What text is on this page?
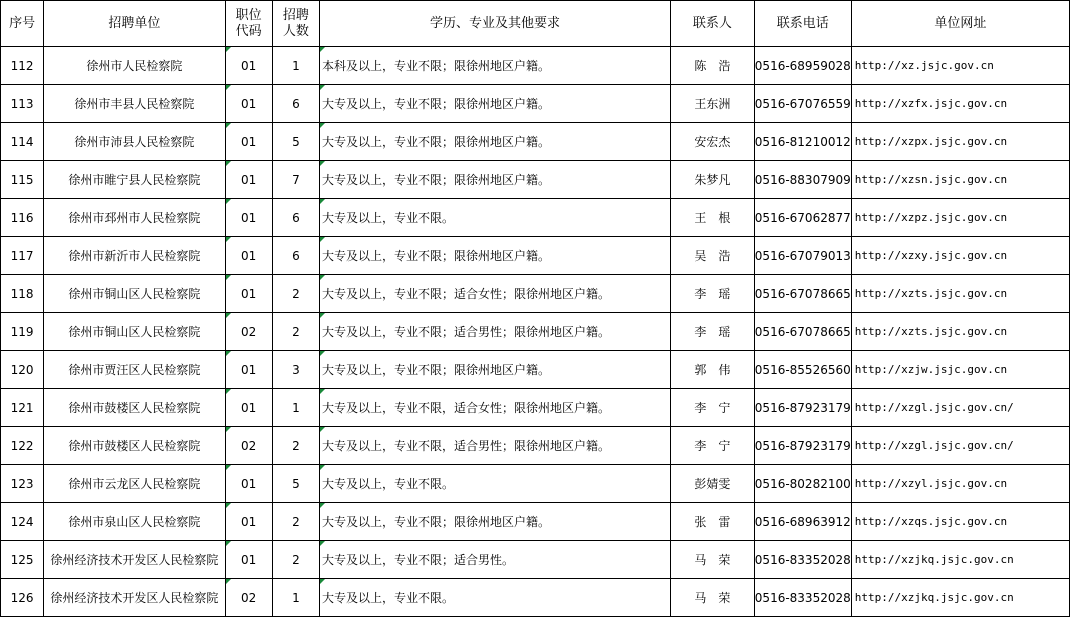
序号	招聘单位	职位代码	招聘人数	学历、专业及其他要求	联系人	联系电话	单位网址
112	徐州市人民检察院	01	1	本科及以上，专业不限；限徐州地区户籍。	陈　浩	0516-68959028	http://xz.jsjc.gov.cn
113	徐州市丰县人民检察院	01	6	大专及以上，专业不限；限徐州地区户籍。	王东洲	0516-67076559	http://xzfx.jsjc.gov.cn
114	徐州市沛县人民检察院	01	5	大专及以上，专业不限；限徐州地区户籍。	安宏杰	0516-81210012	http://xzpx.jsjc.gov.cn
115	徐州市睢宁县人民检察院	01	7	大专及以上，专业不限；限徐州地区户籍。	朱梦凡	0516-88307909	http://xzsn.jsjc.gov.cn
116	徐州市邳州市人民检察院	01	6	大专及以上，专业不限。	王　根	0516-67062877	http://xzpz.jsjc.gov.cn
117	徐州市新沂市人民检察院	01	6	大专及以上，专业不限；限徐州地区户籍。	吴　浩	0516-67079013	http://xzxy.jsjc.gov.cn
118	徐州市铜山区人民检察院	01	2	大专及以上，专业不限；适合女性；限徐州地区户籍。	李　瑶	0516-67078665	http://xzts.jsjc.gov.cn
119	徐州市铜山区人民检察院	02	2	大专及以上，专业不限；适合男性；限徐州地区户籍。	李　瑶	0516-67078665	http://xzts.jsjc.gov.cn
120	徐州市贾汪区人民检察院	01	3	大专及以上，专业不限；限徐州地区户籍。	郭　伟	0516-85526560	http://xzjw.jsjc.gov.cn
121	徐州市鼓楼区人民检察院	01	1	大专及以上，专业不限，适合女性；限徐州地区户籍。	李　宁	0516-87923179	http://xzgl.jsjc.gov.cn/
122	徐州市鼓楼区人民检察院	02	2	大专及以上，专业不限，适合男性；限徐州地区户籍。	李　宁	0516-87923179	http://xzgl.jsjc.gov.cn/
123	徐州市云龙区人民检察院	01	5	大专及以上，专业不限。	彭婧雯	0516-80282100	http://xzyl.jsjc.gov.cn
124	徐州市泉山区人民检察院	01	2	大专及以上，专业不限；限徐州地区户籍。	张　雷	0516-68963912	http://xzqs.jsjc.gov.cn
125	徐州经济技术开发区人民检察院	01	2	大专及以上，专业不限；适合男性。	马　荣	0516-83352028	http://xzjkq.jsjc.gov.cn
126	徐州经济技术开发区人民检察院	02	1	大专及以上，专业不限。	马　荣	0516-83352028	http://xzjkq.jsjc.gov.cn
